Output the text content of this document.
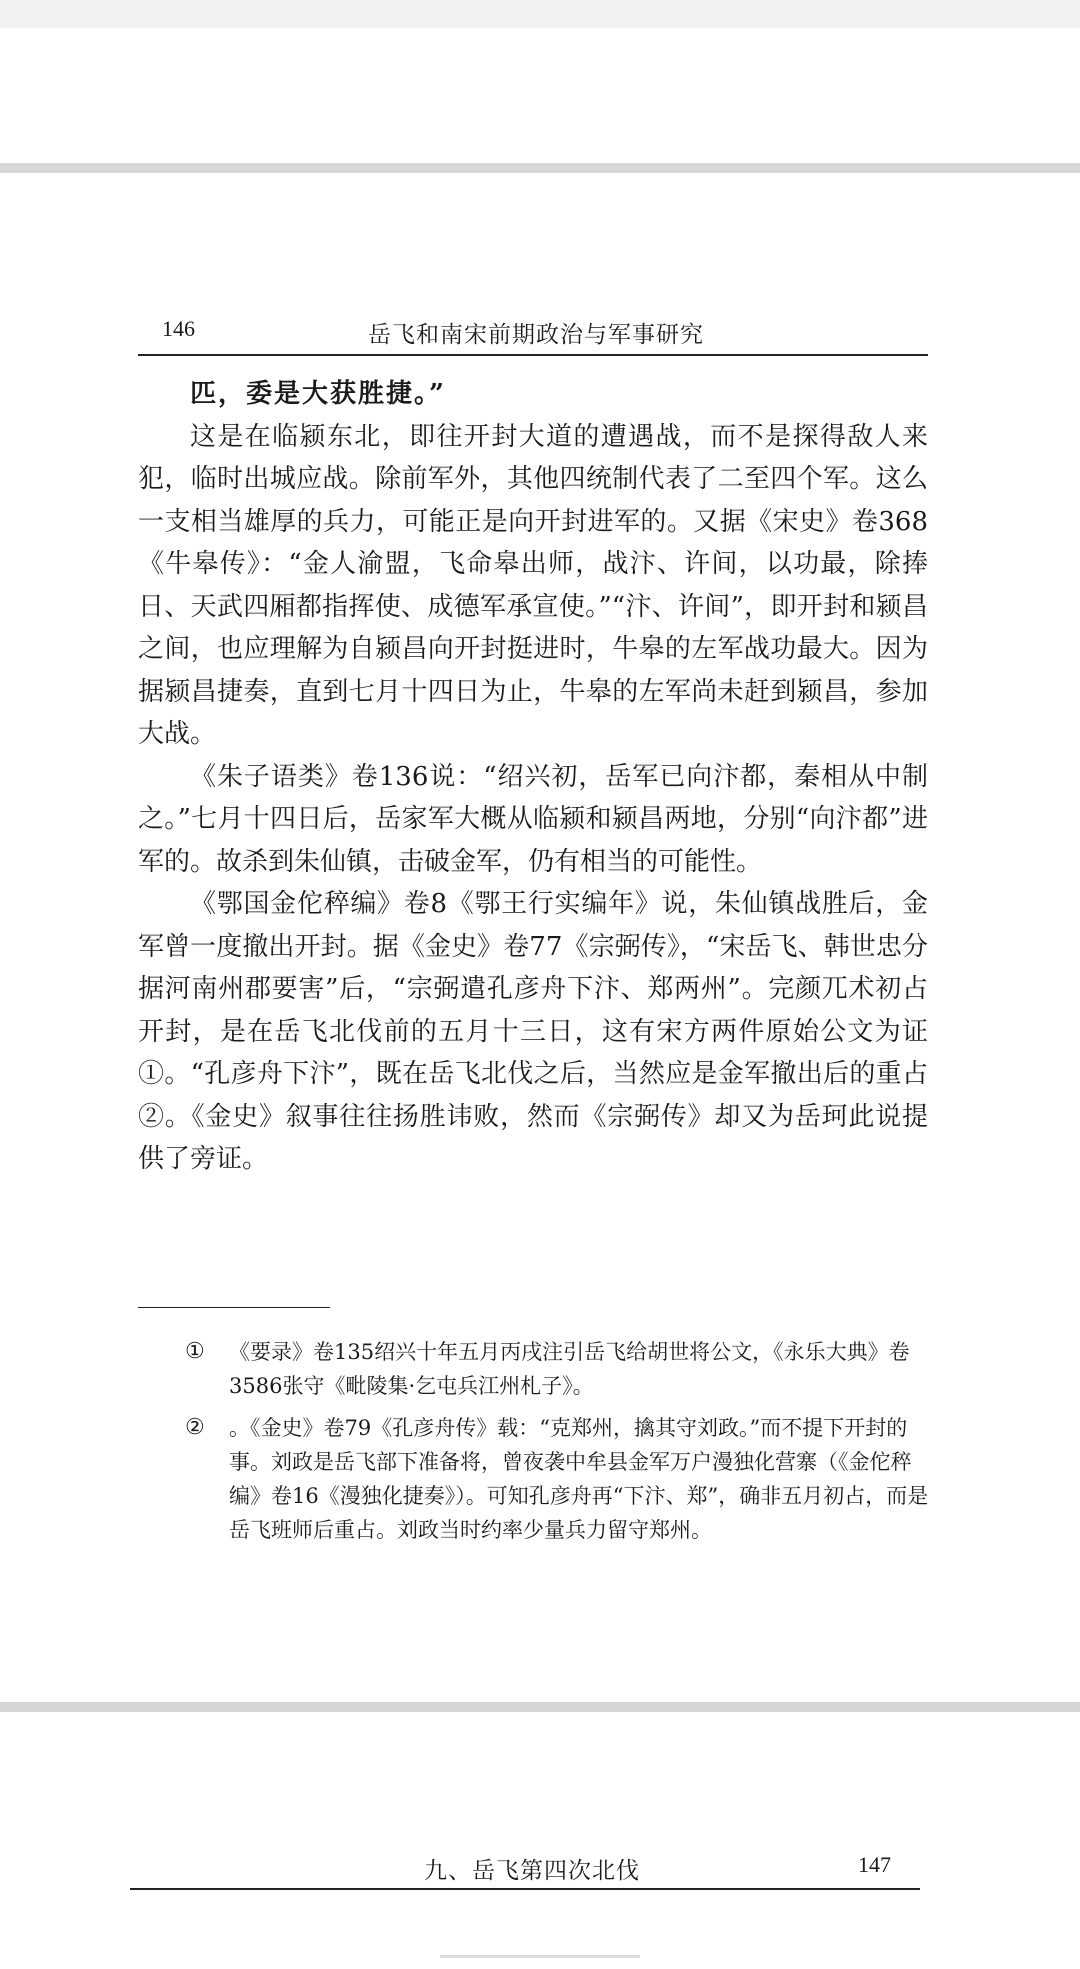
146	岳飞和南宋前期政治与军事研究

匹，委是大获胜捷。”

这是在临颍东北，即往开封大道的遭遇战，而不是探得敌人来犯，临时出城应战。除前军外，其他四统制代表了二至四个军。这么一支相当雄厚的兵力，可能正是向开封进军的。又据《宋史》卷368《牛皋传》：“金人渝盟，飞命皋出师，战汴、许间，以功最，除捧日、天武四厢都指挥使、成德军承宣使。”“汴、许间”，即开封和颍昌之间，也应理解为自颍昌向开封挺进时，牛皋的左军战功最大。因为据颍昌捷奏，直到七月十四日为止，牛皋的左军尚未赶到颍昌，参加大战。

《朱子语类》卷136说：“绍兴初，岳军已向汴都，秦相从中制之。”七月十四日后，岳家军大概从临颍和颍昌两地，分别“向汴都”进军的。故杀到朱仙镇，击破金军，仍有相当的可能性。

《鄂国金佗稡编》卷8《鄂王行实编年》说，朱仙镇战胜后，金军曾一度撤出开封。据《金史》卷77《宗弼传》，“宋岳飞、韩世忠分据河南州郡要害”后，“宗弼遣孔彦舟下汴、郑两州”。完颜兀术初占开封，是在岳飞北伐前的五月十三日，这有宋方两件原始公文为证①。“孔彦舟下汴”，既在岳飞北伐之后，当然应是金军撤出后的重占②。《金史》叙事往往扬胜讳败，然而《宗弼传》却又为岳珂此说提供了旁证。

① 《要录》卷135绍兴十年五月丙戌注引岳飞给胡世将公文，《永乐大典》卷3586张守《毗陵集·乞屯兵江州札子》。
② 。《金史》卷79《孔彦舟传》载：“克郑州，擒其守刘政。”而不提下开封的事。刘政是岳飞部下准备将，曾夜袭中牟县金军万户漫独化营寨（《金佗稡编》卷16《漫独化捷奏》）。可知孔彦舟再“下汴、郑”，确非五月初占，而是岳飞班师后重占。刘政当时约率少量兵力留守郑州。
九、岳飞第四次北伐	147
